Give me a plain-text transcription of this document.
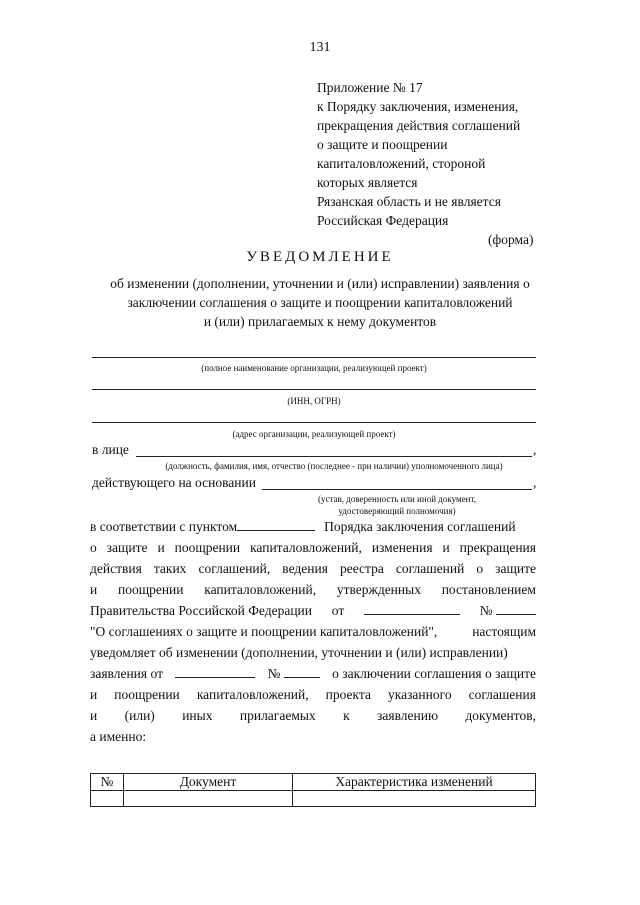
131
Приложение № 17
к Порядку заключения, изменения,
прекращения действия соглашений
о защите и поощрении
капиталовложений, стороной
которых является
Рязанская область и не является
Российская Федерация
(форма)
УВЕДОМЛЕНИЕ
об изменении (дополнении, уточнении и (или) исправлении) заявления о
заключении соглашения о защите и поощрении капиталовложений
и (или) прилагаемых к нему документов
(полное наименование организации, реализующей проект)
(ИНН, ОГРН)
(адрес организации, реализующей проект)
в лице	,
(должность, фамилия, имя, отчество (последнее - при наличии) уполномоченного лица)
действующего на основании	,
(устав, доверенность или иной документ,
удостоверяющий полномочия)
в соответствии с пунктом	Порядка заключения соглашений
о защите и поощрении капиталовложений, изменения и прекращения
действия таких соглашений, ведения реестра соглашений о защите
и поощрении капиталовложений, утвержденных постановлением
Правительства Российской Федерации от	№
"О соглашениях о защите и поощрении капиталовложений",	настоящим
уведомляет об изменении (дополнении, уточнении и (или) исправлении)
заявления от	№	о заключении соглашения о защите
и поощрении капиталовложений, проекта указанного соглашения
и (или) иных прилагаемых к заявлению документов,
а именно:
№	Документ	Характеристика изменений
